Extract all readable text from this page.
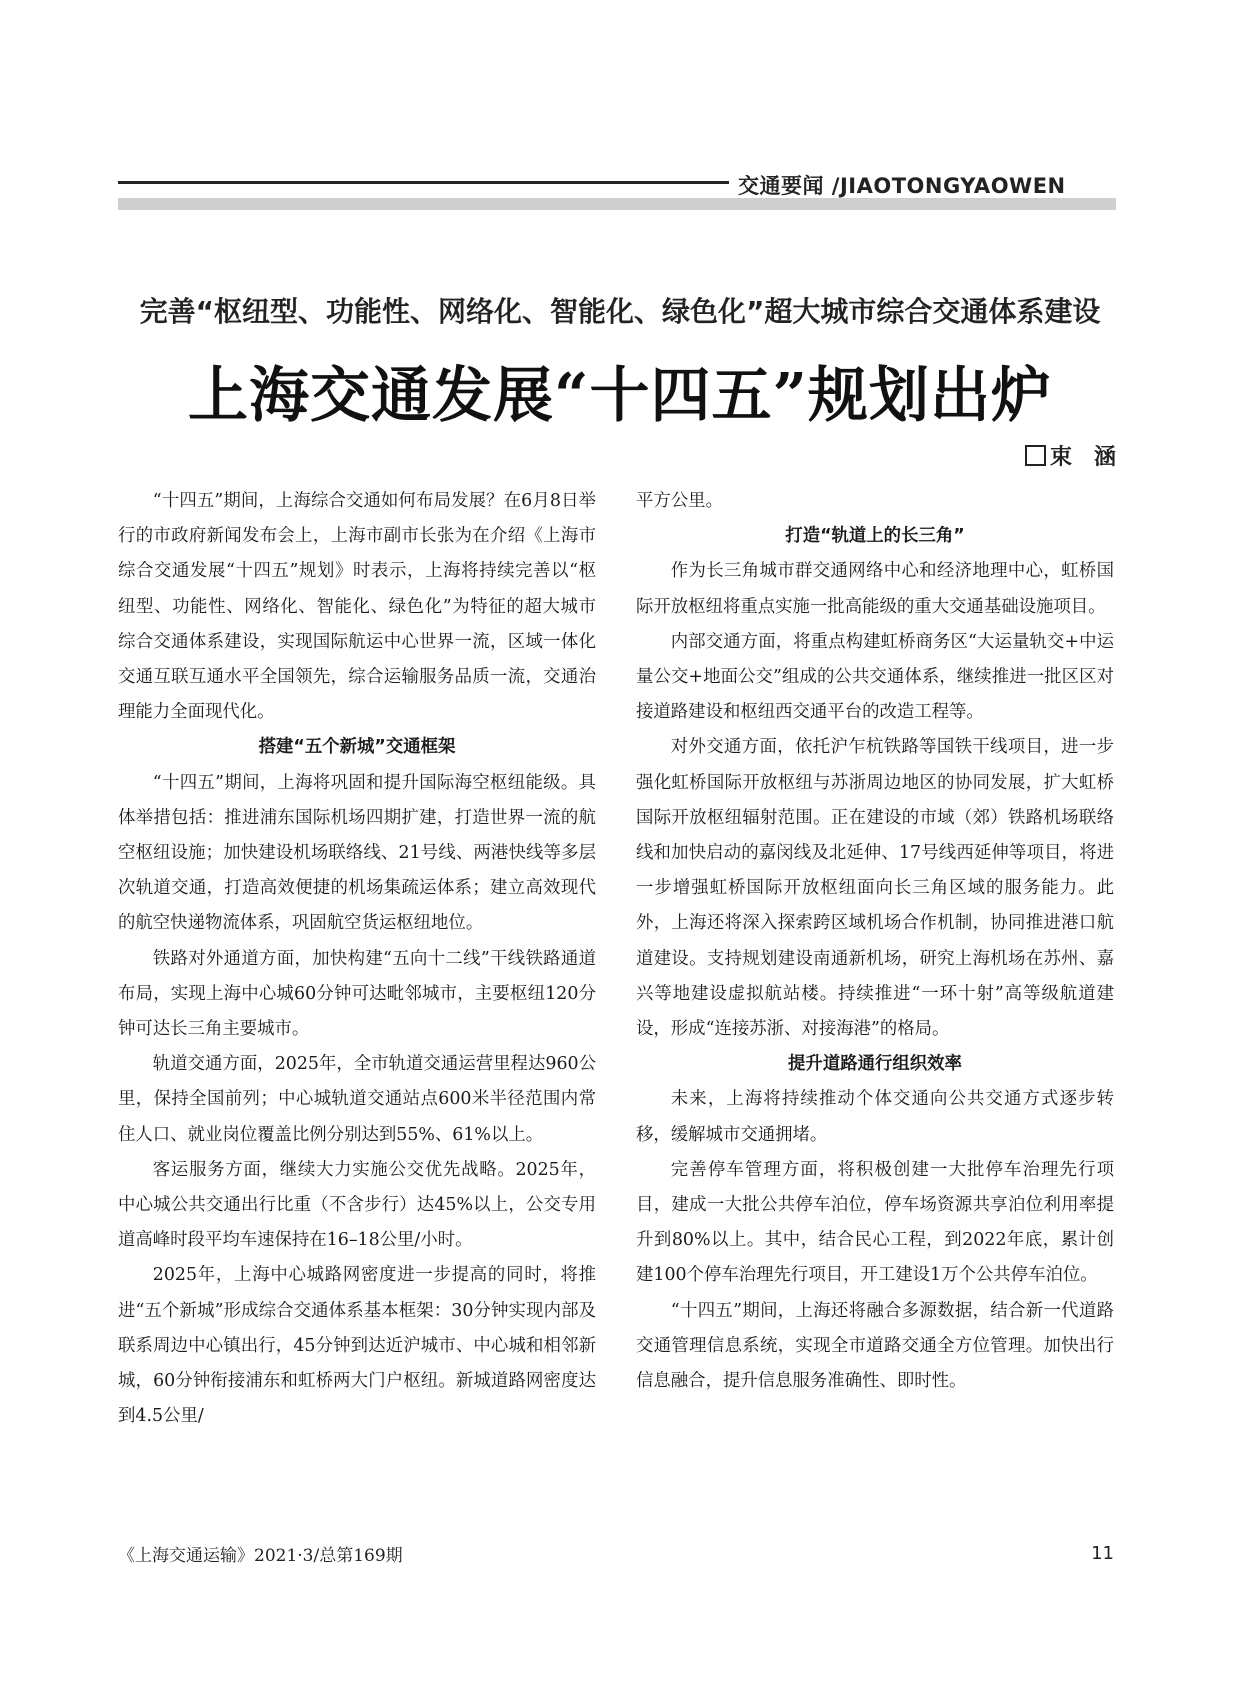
交通要闻 /JIAOTONGYAOWEN
完善“枢纽型、功能性、网络化、智能化、绿色化”超大城市综合交通体系建设
上海交通发展“十四五”规划出炉
束　涵

“十四五”期间，上海综合交通如何布局发展？在6月8日举行的市政府新闻发布会上，上海市副市长张为在介绍《上海市综合交通发展“十四五”规划》时表示，上海将持续完善以“枢纽型、功能性、网络化、智能化、绿色化”为特征的超大城市综合交通体系建设，实现国际航运中心世界一流，区域一体化交通互联互通水平全国领先，综合运输服务品质一流，交通治理能力全面现代化。

搭建“五个新城”交通框架

“十四五”期间，上海将巩固和提升国际海空枢纽能级。具体举措包括：推进浦东国际机场四期扩建，打造世界一流的航空枢纽设施；加快建设机场联络线、21号线、两港快线等多层次轨道交通，打造高效便捷的机场集疏运体系；建立高效现代的航空快递物流体系，巩固航空货运枢纽地位。

铁路对外通道方面，加快构建“五向十二线”干线铁路通道布局，实现上海中心城60分钟可达毗邻城市，主要枢纽120分钟可达长三角主要城市。

轨道交通方面，2025年，全市轨道交通运营里程达960公里，保持全国前列；中心城轨道交通站点600米半径范围内常住人口、就业岗位覆盖比例分别达到55%、61%以上。

客运服务方面，继续大力实施公交优先战略。2025年，中心城公共交通出行比重（不含步行）达45%以上，公交专用道高峰时段平均车速保持在16–18公里/小时。

2025年，上海中心城路网密度进一步提高的同时，将推进“五个新城”形成综合交通体系基本框架：30分钟实现内部及联系周边中心镇出行，45分钟到达近沪城市、中心城和相邻新城，60分钟衔接浦东和虹桥两大门户枢纽。新城道路网密度达到4.5公里/

平方公里。

打造“轨道上的长三角”

作为长三角城市群交通网络中心和经济地理中心，虹桥国际开放枢纽将重点实施一批高能级的重大交通基础设施项目。

内部交通方面，将重点构建虹桥商务区“大运量轨交+中运量公交+地面公交”组成的公共交通体系，继续推进一批区区对接道路建设和枢纽西交通平台的改造工程等。

对外交通方面，依托沪乍杭铁路等国铁干线项目，进一步强化虹桥国际开放枢纽与苏浙周边地区的协同发展，扩大虹桥国际开放枢纽辐射范围。正在建设的市域（郊）铁路机场联络线和加快启动的嘉闵线及北延伸、17号线西延伸等项目，将进一步增强虹桥国际开放枢纽面向长三角区域的服务能力。此外，上海还将深入探索跨区域机场合作机制，协同推进港口航道建设。支持规划建设南通新机场，研究上海机场在苏州、嘉兴等地建设虚拟航站楼。持续推进“一环十射”高等级航道建设，形成“连接苏浙、对接海港”的格局。

提升道路通行组织效率

未来，上海将持续推动个体交通向公共交通方式逐步转移，缓解城市交通拥堵。

完善停车管理方面，将积极创建一大批停车治理先行项目，建成一大批公共停车泊位，停车场资源共享泊位利用率提升到80%以上。其中，结合民心工程，到2022年底，累计创建100个停车治理先行项目，开工建设1万个公共停车泊位。

“十四五”期间，上海还将融合多源数据，结合新一代道路交通管理信息系统，实现全市道路交通全方位管理。加快出行信息融合，提升信息服务准确性、即时性。

《上海交通运输》2021·3/总第169期	11
